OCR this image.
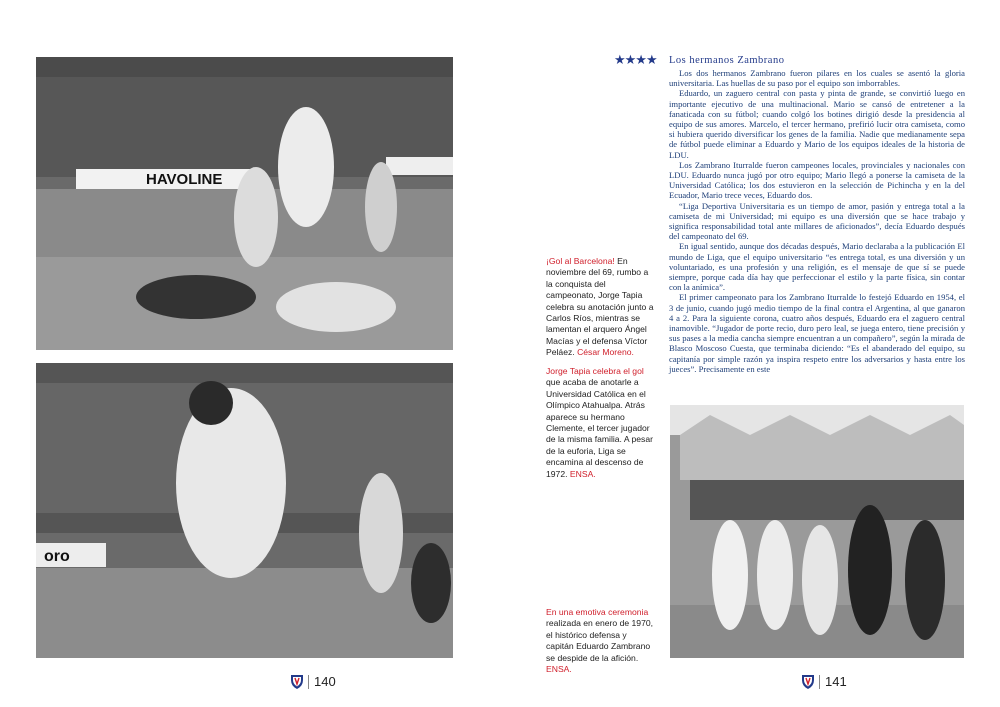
HAVOLINE
oro
¡Gol al Barcelona! En noviembre del 69, rumbo a la conquista del campeonato, Jorge Tapia celebra su anotación junto a Carlos Ríos, mientras se lamentan el arquero Ángel Macías y el defensa Víctor Peláez. César Moreno.
Jorge Tapia celebra el gol que acaba de anotarle a Universidad Católica en el Olímpico Atahualpa. Atrás aparece su hermano Clemente, el tercer jugador de la misma familia. A pesar de la euforia, Liga se encamina al descenso de 1972. ENSA.
En una emotiva ceremonia realizada en enero de 1970, el histórico defensa y capitán Eduardo Zambrano se despide de la afición. ENSA.
★★★★ Los hermanos Zambrano

Los dos hermanos Zambrano fueron pilares en los cuales se asentó la gloria universitaria. Las huellas de su paso por el equipo son imborrables.

Eduardo, un zaguero central con pasta y pinta de grande, se convirtió luego en importante ejecutivo de una multinacional. Mario se cansó de entretener a la fanaticada con su fútbol; cuando colgó los botines dirigió desde la presidencia al equipo de sus amores. Marcelo, el tercer hermano, prefirió lucir otra camiseta, como si hubiera querido diversificar los genes de la familia. Nadie que medianamente sepa de fútbol puede eliminar a Eduardo y Mario de los equipos ideales de la historia de LDU.

Los Zambrano Iturralde fueron campeones locales, provinciales y nacionales con LDU. Eduardo nunca jugó por otro equipo; Mario llegó a ponerse la camiseta de la Universidad Católica; los dos estuvieron en la selección de Pichincha y en la del Ecuador, Mario trece veces, Eduardo dos.

“Liga Deportiva Universitaria es un tiempo de amor, pasión y entrega total a la camiseta de mi Universidad; mi equipo es una diversión que se hace trabajo y significa responsabilidad total ante millares de aficionados”, decía Eduardo después del campeonato del 69.

En igual sentido, aunque dos décadas después, Mario declaraba a la publicación El mundo de Liga, que el equipo universitario “es entrega total, es una diversión y un voluntariado, es una profesión y una religión, es el mensaje de que sí se puede siempre, porque cada día hay que perfeccionar el estilo y la parte física, sin contar con la anímica”.

El primer campeonato para los Zambrano Iturralde lo festejó Eduardo en 1954, el 3 de junio, cuando jugó medio tiempo de la final contra el Argentina, al que ganaron 4 a 2. Para la siguiente corona, cuatro años después, Eduardo era el zaguero central inamovible. “Jugador de porte recio, duro pero leal, se juega entero, tiene precisión y sus pases a la media cancha siempre encuentran a un compañero”, según la mirada de Blasco Moscoso Cuesta, que terminaba diciendo: “Es el abanderado del equipo, su capitanía por simple razón ya inspira respeto entre los adversarios y hasta entre los jueces”. Precisamente en este

140	141
